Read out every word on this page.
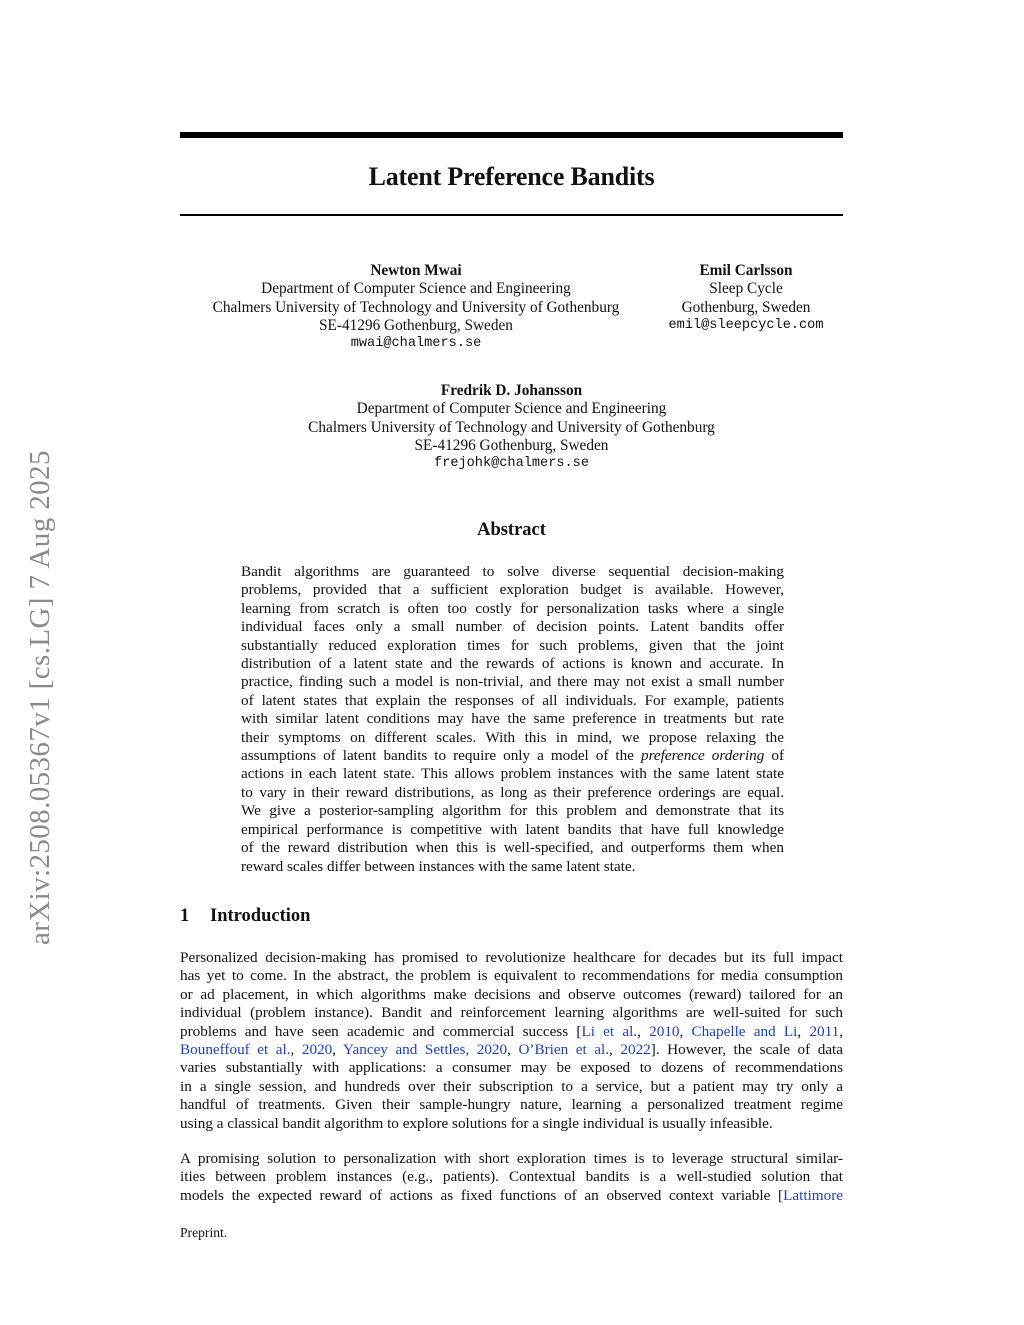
arXiv:2508.05367v1 [cs.LG] 7 Aug 2025
Latent Preference Bandits
Newton Mwai
Department of Computer Science and Engineering
Chalmers University of Technology and University of Gothenburg
SE-41296 Gothenburg, Sweden
mwai@chalmers.se
Emil Carlsson
Sleep Cycle
Gothenburg, Sweden
emil@sleepcycle.com
Fredrik D. Johansson
Department of Computer Science and Engineering
Chalmers University of Technology and University of Gothenburg
SE-41296 Gothenburg, Sweden
frejohk@chalmers.se
Abstract
Bandit algorithms are guaranteed to solve diverse sequential decision-making
problems, provided that a sufficient exploration budget is available. However,
learning from scratch is often too costly for personalization tasks where a single
individual faces only a small number of decision points. Latent bandits offer
substantially reduced exploration times for such problems, given that the joint
distribution of a latent state and the rewards of actions is known and accurate. In
practice, finding such a model is non-trivial, and there may not exist a small number
of latent states that explain the responses of all individuals. For example, patients
with similar latent conditions may have the same preference in treatments but rate
their symptoms on different scales. With this in mind, we propose relaxing the
assumptions of latent bandits to require only a model of the preference ordering of
actions in each latent state. This allows problem instances with the same latent state
to vary in their reward distributions, as long as their preference orderings are equal.
We give a posterior-sampling algorithm for this problem and demonstrate that its
empirical performance is competitive with latent bandits that have full knowledge
of the reward distribution when this is well-specified, and outperforms them when
reward scales differ between instances with the same latent state.
1 Introduction
Personalized decision-making has promised to revolutionize healthcare for decades but its full impact
has yet to come. In the abstract, the problem is equivalent to recommendations for media consumption
or ad placement, in which algorithms make decisions and observe outcomes (reward) tailored for an
individual (problem instance). Bandit and reinforcement learning algorithms are well-suited for such
problems and have seen academic and commercial success [Li et al., 2010, Chapelle and Li, 2011,
Bouneffouf et al., 2020, Yancey and Settles, 2020, O’Brien et al., 2022]. However, the scale of data
varies substantially with applications: a consumer may be exposed to dozens of recommendations
in a single session, and hundreds over their subscription to a service, but a patient may try only a
handful of treatments. Given their sample-hungry nature, learning a personalized treatment regime
using a classical bandit algorithm to explore solutions for a single individual is usually infeasible.
A promising solution to personalization with short exploration times is to leverage structural similar-
ities between problem instances (e.g., patients). Contextual bandits is a well-studied solution that
models the expected reward of actions as fixed functions of an observed context variable [Lattimore
Preprint.
